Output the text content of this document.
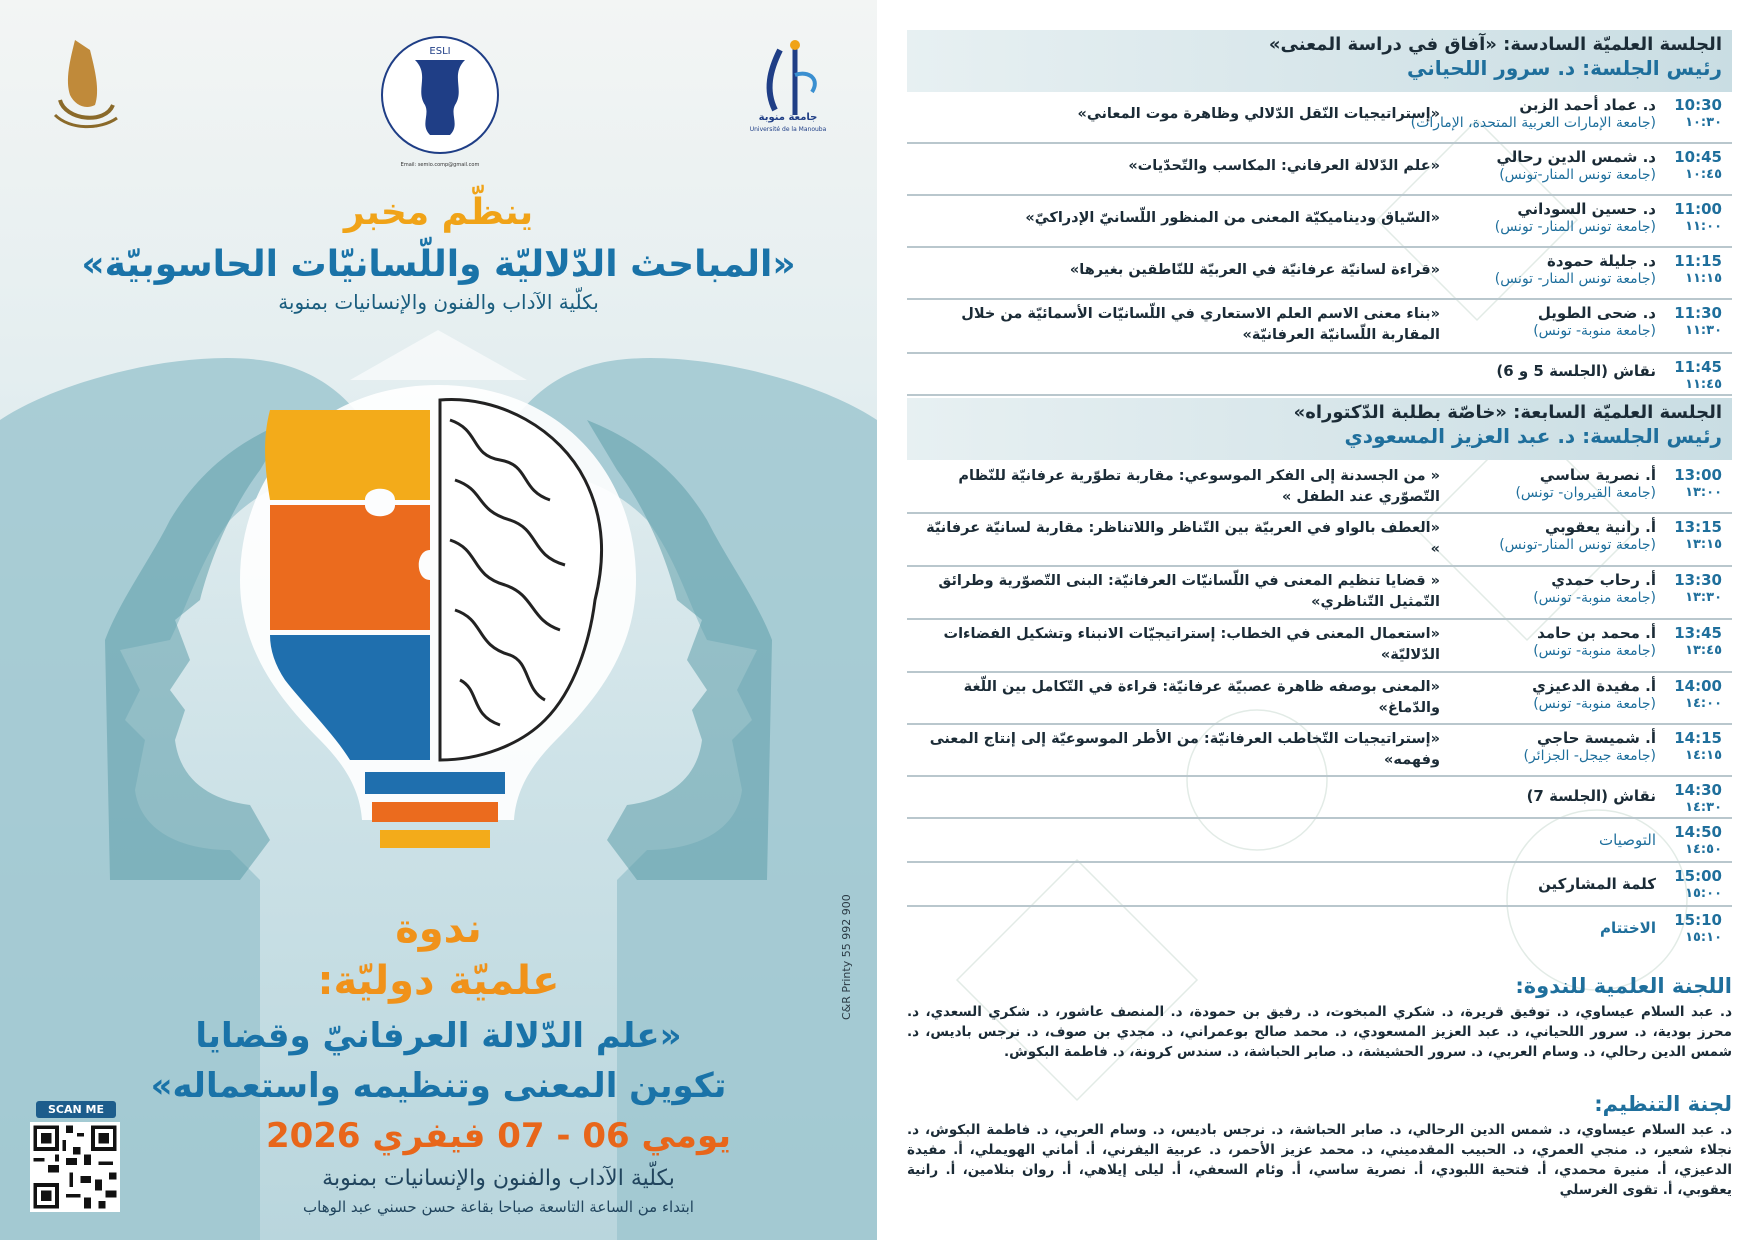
جامعة منوبة
Université de la Manouba
ESLI
Email: semio.comp@gmail.com
ينظّم مخبر
«المباحث الدّلاليّة واللّسانيّات الحاسوبيّة»
بكلّية الآداب والفنون والإنسانيات بمنوبة
ندوة
علميّة دوليّة:
«علم الدّلالة العرفانيّ وقضايا
تكوين المعنى وتنظيمه واستعماله»
يومي 06 - 07 فيفري 2026
بكلّية الآداب والفنون والإنسانيات بمنوبة
ابتداء من الساعة التاسعة صباحا بقاعة حسن حسني عبد الوهاب
SCAN ME
C&R Printy 55 992 900
الجلسة العلميّة السادسة: «آفاق في دراسة المعنى»
رئيس الجلسة: د. سرور اللحياني
10:30
١٠:٣٠
د. عماد أحمد الزبن
(جامعة الإمارات العربية المتحدة، الإمارات)
«إستراتيجيات النّقل الدّلالي وظاهرة موت المعاني»
10:45
١٠:٤٥
د. شمس الدين رحالي
(جامعة تونس المنار-تونس)
«علم الدّلالة العرفاني: المكاسب والتّحدّيات»
11:00
١١:٠٠
د. حسين السوداني
(جامعة تونس المنار- تونس)
«السّياق وديناميكيّة المعنى من المنظور اللّسانيّ الإدراكيّ»
11:15
١١:١٥
د. جليلة حمودة
(جامعة تونس المنار- تونس)
«قراءة لسانيّة عرفانيّة في العربيّة للنّاطقين بغيرها»
11:30
١١:٣٠
د. ضحى الطويل
(جامعة منوبة- تونس)
«بناء معنى الاسم العلم الاستعاري في اللّسانيّات الأسمائيّة من خلال المقاربة اللّسانيّة العرفانيّة»
11:45
١١:٤٥
نقاش (الجلسة 5 و 6)
الجلسة العلميّة السابعة: «خاصّة بطلبة الدّكتوراه»
رئيس الجلسة: د. عبد العزيز المسعودي
13:00
١٣:٠٠
أ. نصرية ساسي
(جامعة القيروان- تونس)
« من الجسدنة إلى الفكر الموسوعي: مقاربة تطوّرية عرفانيّة للنّظام التّصوّري عند الطفل »
13:15
١٣:١٥
أ. رانية يعقوبي
(جامعة تونس المنار-تونس)
«العطف بالواو في العربيّة بين التّناظر واللاتناظر: مقاربة لسانيّة عرفانيّة »
13:30
١٣:٣٠
أ. رحاب حمدي
(جامعة منوبة- تونس)
« قضايا تنظيم المعنى في اللّسانيّات العرفانيّة: البنى التّصوّرية وطرائق التّمثيل التّناظري»
13:45
١٣:٤٥
أ. محمد بن حامد
(جامعة منوبة- تونس)
«استعمال المعنى في الخطاب: إستراتيجيّات الانبناء وتشكيل الفضاءات الدّلاليّة»
14:00
١٤:٠٠
أ. مفيدة الدعيزي
(جامعة منوبة- تونس)
«المعنى بوصفه ظاهرة عصبيّة عرفانيّة: قراءة في التّكامل بين اللّغة والدّماغ»
14:15
١٤:١٥
أ. شميسة حاجي
(جامعة جيجل- الجزائر)
«إستراتيجيات التّخاطب العرفانيّة: من الأطر الموسوعيّة إلى إنتاج المعنى وفهمه»
14:30
١٤:٣٠
نقاش (الجلسة 7)
14:50
١٤:٥٠
التوصيات
15:00
١٥:٠٠
كلمة المشاركين
15:10
١٥:١٠
الاختتام
اللجنة العلمية للندوة:
د. عبد السلام عيساوي، د. توفيق قريرة، د. شكري المبخوت، د. رفيق بن حمودة، د. المنصف عاشور، د. شكري السعدي، د. محرز بودية، د. سرور اللحياني، د. عبد العزيز المسعودي، د. محمد صالح بوعمراني، د. مجدي بن صوف، د. نرجس باديس، د. شمس الدين رحالي، د. وسام العربي، د. سرور الحشيشة، د. صابر الحباشة، د. سندس كرونة، د. فاطمة البكوش.
لجنة التنظيم:
د. عبد السلام عيساوي، د. شمس الدين الرحالي، د. صابر الحباشة، د. نرجس باديس، د. وسام العربي، د. فاطمة البكوش، د. نجلاء شعير، د. منجي العمري، د. الحبيب المقدميني، د. محمد عزيز الأحمر، د. عربية اليفرني، أ. أماني الهويملي، أ. مفيدة الدعيزي، أ. منيرة محمدي، أ. فتحية اللبودي، أ. نصرية ساسي، أ. وئام السعفي، أ. ليلى إيلاهي، أ. روان بنلامين، أ. رانية يعقوبي، أ. تقوى الغرسلي
